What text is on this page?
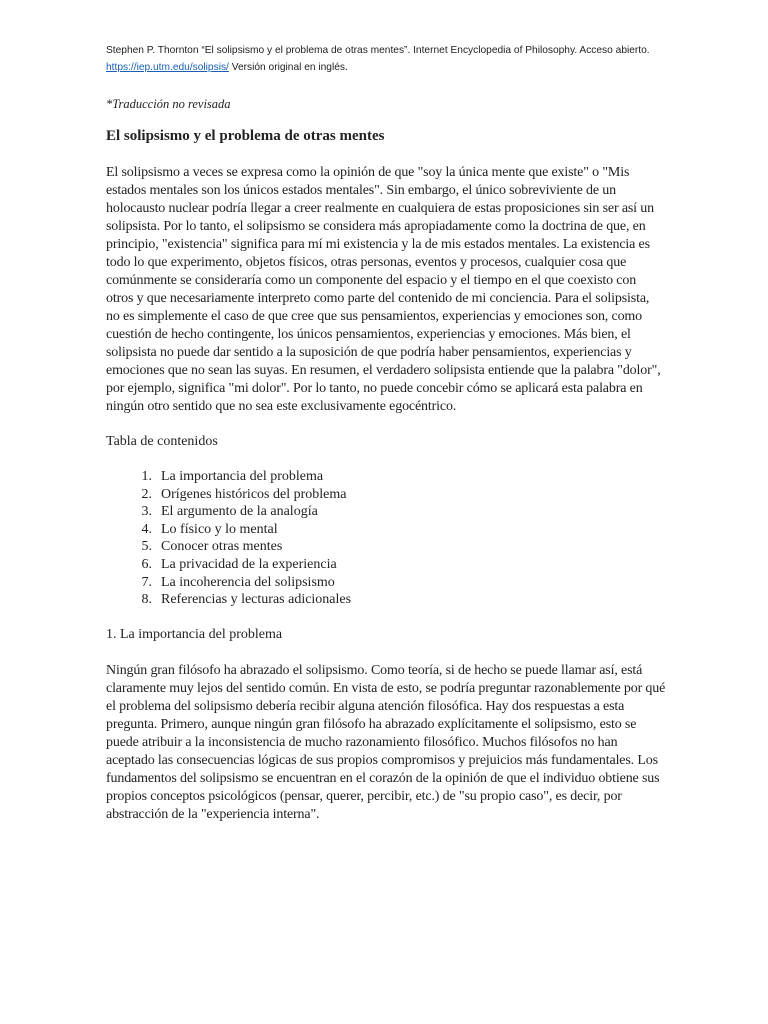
Stephen P. Thornton “El solipsismo y el problema de otras mentes”. Internet Encyclopedia of Philosophy. Acceso abierto.
https://iep.utm.edu/solipsis/ Versión original en inglés.

*Traducción no revisada

El solipsismo y el problema de otras mentes

El solipsismo a veces se expresa como la opinión de que "soy la única mente que existe" o "Mis estados mentales son los únicos estados mentales". Sin embargo, el único sobreviviente de un holocausto nuclear podría llegar a creer realmente en cualquiera de estas proposiciones sin ser así un solipsista. Por lo tanto, el solipsismo se considera más apropiadamente como la doctrina de que, en principio, "existencia" significa para mí mi existencia y la de mis estados mentales. La existencia es todo lo que experimento, objetos físicos, otras personas, eventos y procesos, cualquier cosa que comúnmente se consideraría como un componente del espacio y el tiempo en el que coexisto con otros y que necesariamente interpreto como parte del contenido de mi conciencia. Para el solipsista, no es simplemente el caso de que cree que sus pensamientos, experiencias y emociones son, como cuestión de hecho contingente, los únicos pensamientos, experiencias y emociones. Más bien, el solipsista no puede dar sentido a la suposición de que podría haber pensamientos, experiencias y emociones que no sean las suyas. En resumen, el verdadero solipsista entiende que la palabra "dolor", por ejemplo, significa "mi dolor". Por lo tanto, no puede concebir cómo se aplicará esta palabra en ningún otro sentido que no sea este exclusivamente egocéntrico.

Tabla de contenidos

1. La importancia del problema
2. Orígenes históricos del problema
3. El argumento de la analogía
4. Lo físico y lo mental
5. Conocer otras mentes
6. La privacidad de la experiencia
7. La incoherencia del solipsismo
8. Referencias y lecturas adicionales

1. La importancia del problema

Ningún gran filósofo ha abrazado el solipsismo. Como teoría, si de hecho se puede llamar así, está claramente muy lejos del sentido común. En vista de esto, se podría preguntar razonablemente por qué el problema del solipsismo debería recibir alguna atención filosófica. Hay dos respuestas a esta pregunta. Primero, aunque ningún gran filósofo ha abrazado explícitamente el solipsismo, esto se puede atribuir a la inconsistencia de mucho razonamiento filosófico. Muchos filósofos no han aceptado las consecuencias lógicas de sus propios compromisos y prejuicios más fundamentales. Los fundamentos del solipsismo se encuentran en el corazón de la opinión de que el individuo obtiene sus propios conceptos psicológicos (pensar, querer, percibir, etc.) de "su propio caso", es decir, por abstracción de la "experiencia interna".
